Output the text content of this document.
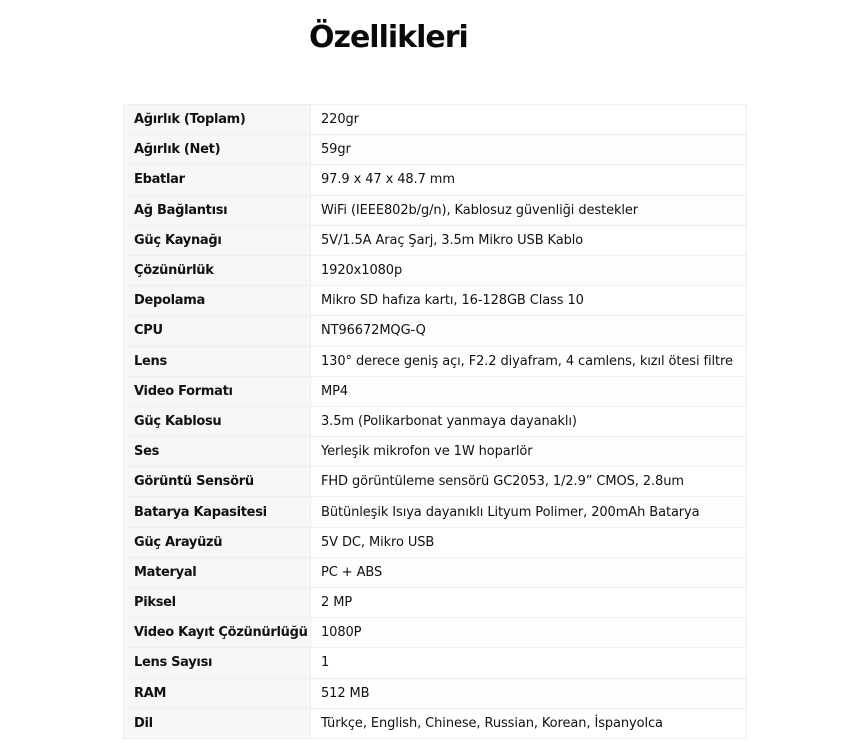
Özellikleri
Ağırlık (Toplam)	220gr
Ağırlık (Net)	59gr
Ebatlar	97.9 x 47 x 48.7 mm
Ağ Bağlantısı	WiFi (IEEE802b/g/n), Kablosuz güvenliği destekler
Güç Kaynağı	5V/1.5A Araç Şarj, 3.5m Mikro USB Kablo
Çözünürlük	1920x1080p
Depolama	Mikro SD hafıza kartı, 16-128GB Class 10
CPU	NT96672MQG-Q
Lens	130° derece geniş açı, F2.2 diyafram, 4 camlens, kızıl ötesi filtre
Video Formatı	MP4
Güç Kablosu	3.5m (Polikarbonat yanmaya dayanaklı)
Ses	Yerleşik mikrofon ve 1W hoparlör
Görüntü Sensörü	FHD görüntüleme sensörü GC2053, 1/2.9” CMOS, 2.8um
Batarya Kapasitesi	Bütünleşik Isıya dayanıklı Lityum Polimer, 200mAh Batarya
Güç Arayüzü	5V DC, Mikro USB
Materyal	PC + ABS
Piksel	2 MP
Video Kayıt Çözünürlüğü	1080P
Lens Sayısı	1
RAM	512 MB
Dil	Türkçe, English, Chinese, Russian, Korean, İspanyolca
